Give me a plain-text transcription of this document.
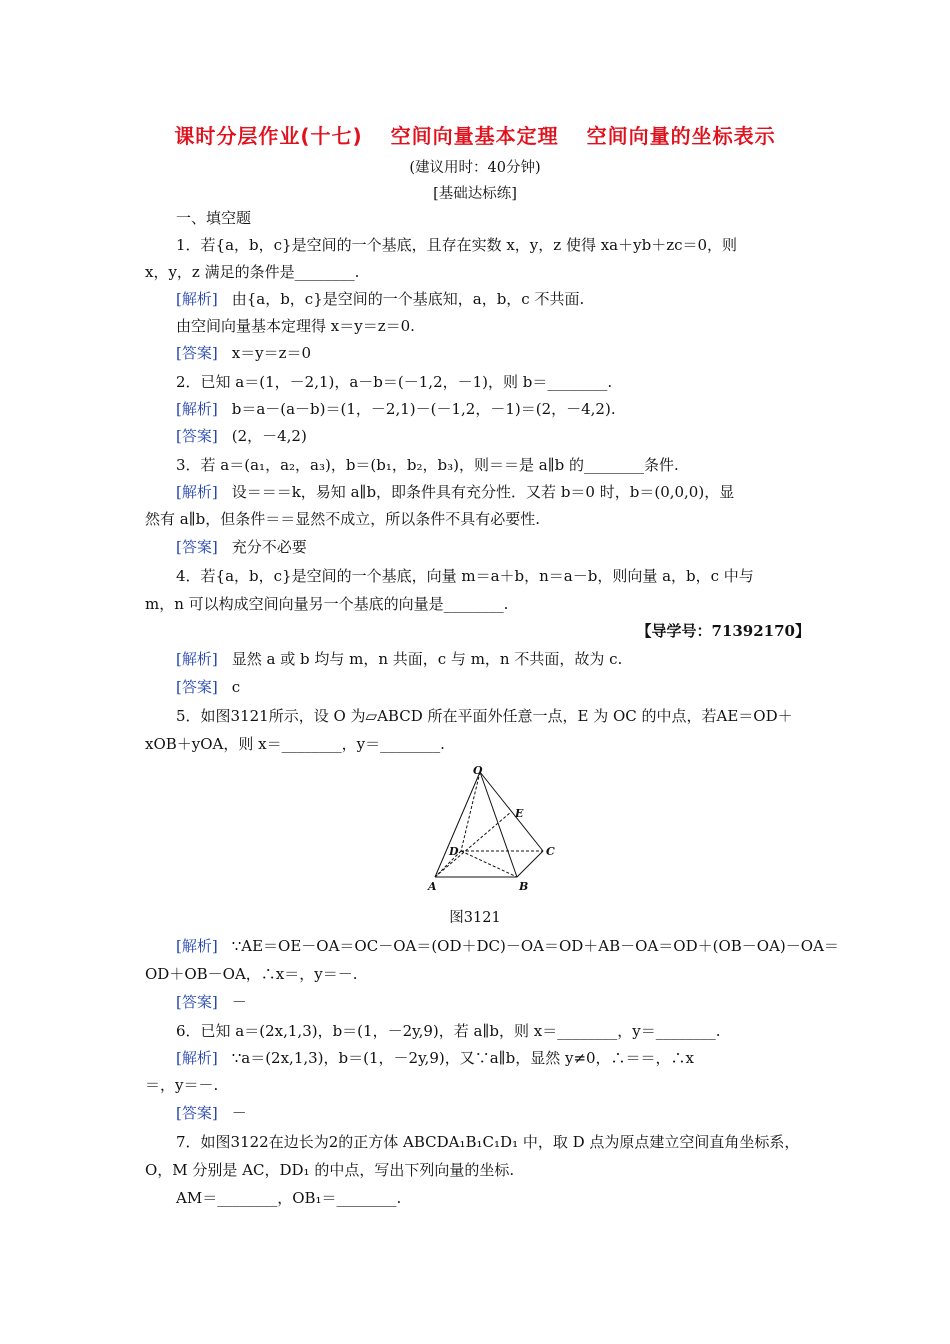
课时分层作业(十七) 空间向量基本定理 空间向量的坐标表示
(建议用时：40分钟)
[基础达标练]
一、填空题
1．若{a，b，c}是空间的一个基底，且存在实数 x，y，z 使得 xa＋yb＋zc＝0，则
x，y，z 满足的条件是________.
[解析] 由{a，b，c}是空间的一个基底知，a，b，c 不共面.
由空间向量基本定理得 x＝y＝z＝0.
[答案] x＝y＝z＝0
2．已知 a＝(1，－2,1)，a－b＝(－1,2，－1)，则 b＝________.
[解析] b＝a－(a－b)＝(1，－2,1)－(－1,2，－1)＝(2，－4,2).
[答案] (2，－4,2)
3．若 a＝(a₁，a₂，a₃)，b＝(b₁，b₂，b₃)，则＝＝是 a∥b 的________条件.
[解析] 设＝＝＝k，易知 a∥b，即条件具有充分性．又若 b＝0 时，b＝(0,0,0)，显
然有 a∥b，但条件＝＝显然不成立，所以条件不具有必要性.
[答案] 充分不必要
4．若{a，b，c}是空间的一个基底，向量 m＝a＋b，n＝a－b，则向量 a，b，c 中与
m，n 可以构成空间向量另一个基底的向量是________.
【导学号：71392170】
[解析] 显然 a 或 b 均与 m，n 共面，c 与 m，n 不共面，故为 c.
[答案] c
5．如图3121所示，设 O 为▱ABCD 所在平面外任意一点，E 为 OC 的中点，若AE＝OD＋
xOB＋yOA，则 x＝________，y＝________.
O
E
D	C
A	B
图3121
[解析] ∵AE＝OE－OA＝OC－OA＝(OD＋DC)－OA＝OD＋AB－OA＝OD＋(OB－OA)－OA＝
OD＋OB－OA，∴x＝，y＝－.
[答案] －
6．已知 a＝(2x,1,3)，b＝(1，－2y,9)，若 a∥b，则 x＝________，y＝________.
[解析] ∵a＝(2x,1,3)，b＝(1，－2y,9)，又∵a∥b，显然 y≠0，∴＝＝，∴x
＝，y＝－.
[答案] －
7．如图3122在边长为2的正方体 ABCDA₁B₁C₁D₁ 中，取 D 点为原点建立空间直角坐标系，
O，M 分别是 AC，DD₁ 的中点，写出下列向量的坐标.
AM＝________，OB₁＝________.
